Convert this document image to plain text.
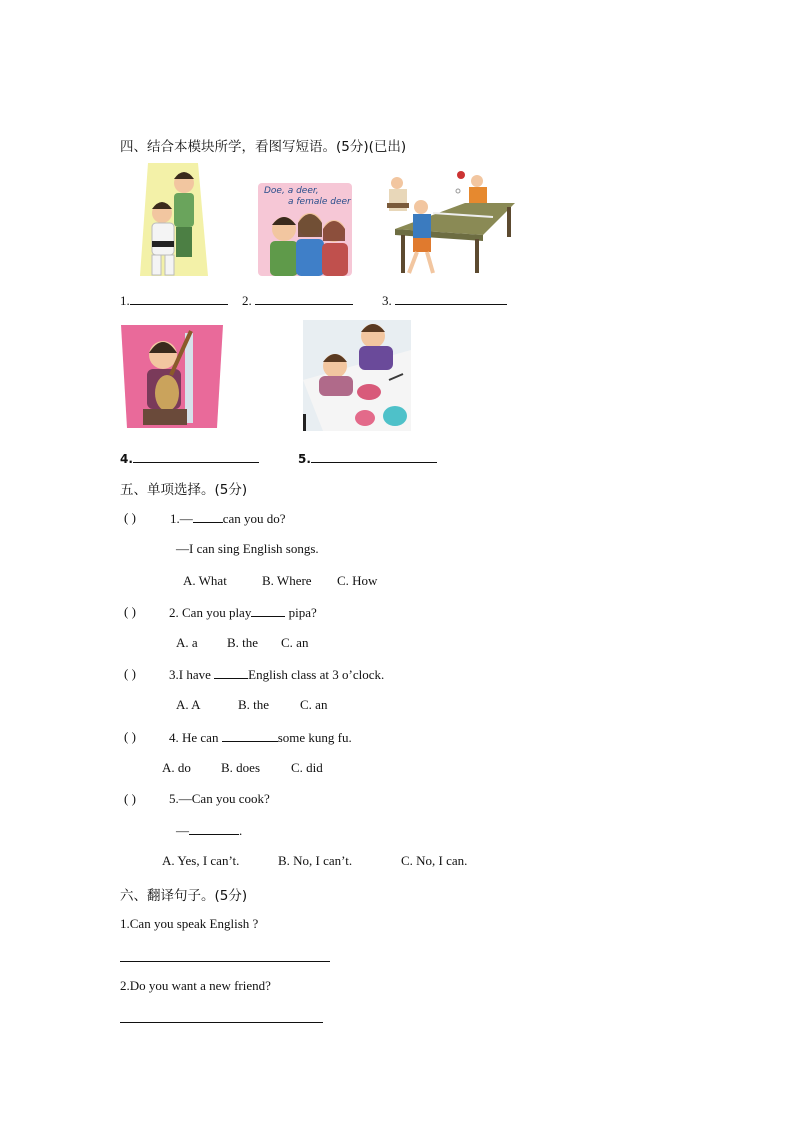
四、结合本模块所学，看图写短语。(5分)(已出)
Doe, a deer,
a female deer
1.	2.	3.
4.	5.
五、单项选择。(5分)
( )	1.— can you do?
—I can sing English songs.
A. What	B. Where C. How
( )	2. Can you play	pipa?
A. a B. the C. an
( )	3.I have	English class at 3 o’clock.
A. A	B. the C. an
( )	4. He can	some kung fu.
A. do B. does C. did
( )	5.—Can you cook?
—	.
A. Yes, I can’t.	B. No, I can’t.	C. No, I can.
六、翻译句子。(5分)
1.Can you speak English ?
2.Do you want a new friend?
